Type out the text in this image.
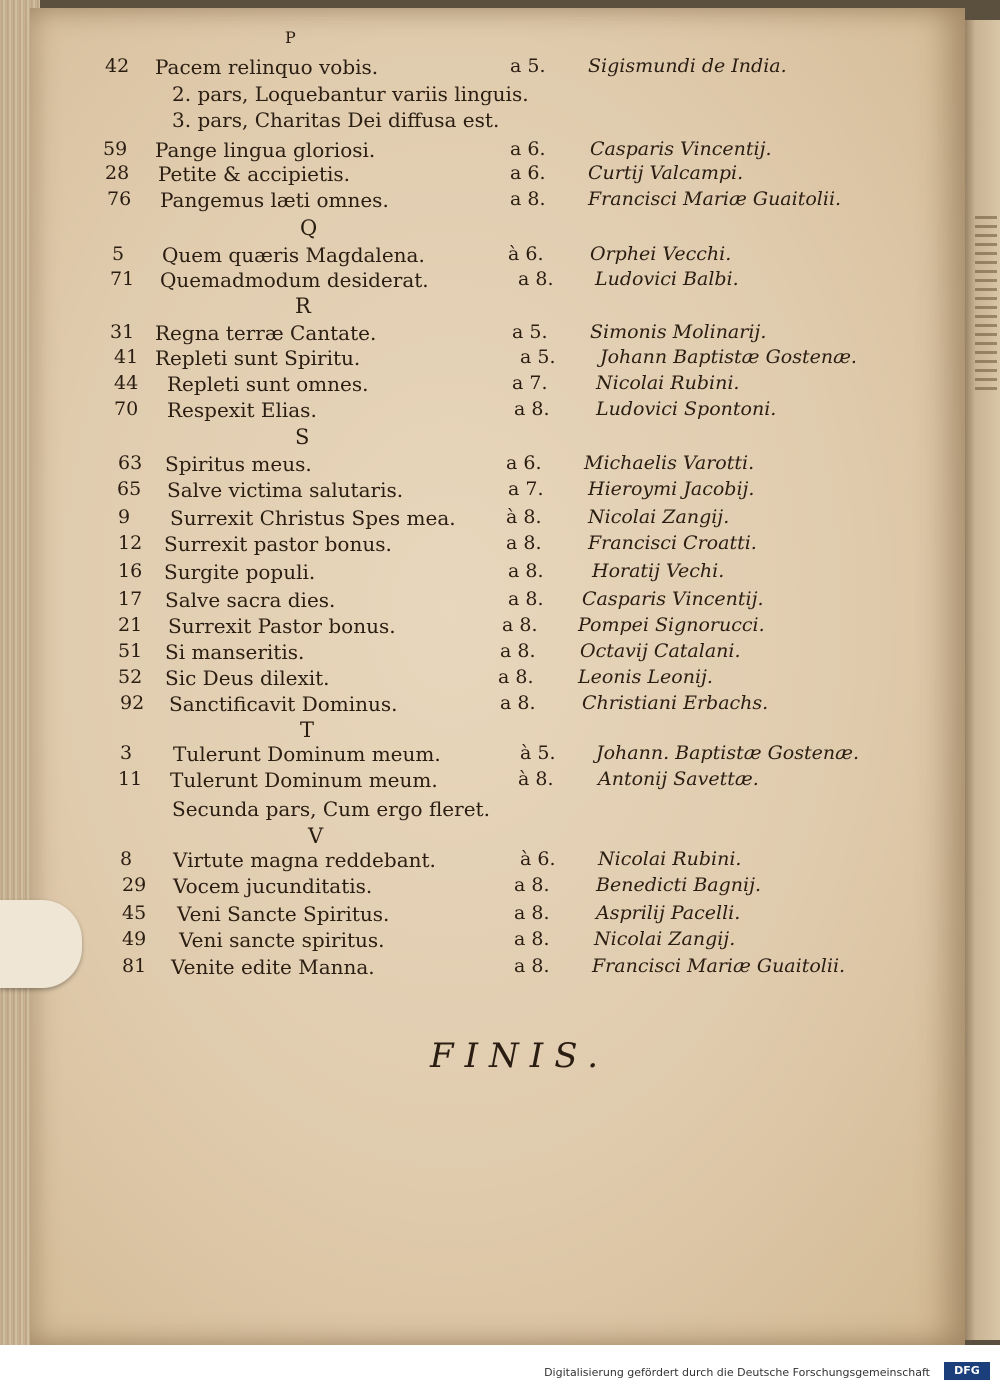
P
42 Pacem relinquo vobis.	a 5. Sigismundi de India.
2. pars, Loquebantur variis linguis.
3. pars, Charitas Dei diffusa est.
59 Pange lingua gloriosi.	a 6. Casparis Vincentij.
28 Petite & accipietis.	a 6. Curtij Valcampi.
76 Pangemus læti omnes.	a 8. Francisci Mariæ Guaitolii.
Q
5 Quem quæris Magdalena.	à 6. Orphei Vecchi.
71 Quemadmodum desiderat.	a 8. Ludovici Balbi.
R
31 Regna terræ Cantate.	a 5. Simonis Molinarij.
41 Repleti sunt Spiritu.	a 5. Johann Baptistæ Gostenæ.
44 Repleti sunt omnes.	a 7.	Nicolai Rubini.
70 Respexit Elias.	a 8. Ludovici Spontoni.
S
63 Spiritus meus.	a 6. Michaelis Varotti.
65 Salve victima salutaris.	a 7. Hieroymi Jacobij.
9 Surrexit Christus Spes mea.	à 8. Nicolai Zangij.
12 Surrexit pastor bonus.	a 8. Francisci Croatti.
16 Surgite populi.	a 8.	Horatij Vechi.
17 Salve sacra dies.	a 8. Casparis Vincentij.
21 Surrexit Pastor bonus.	a 8. Pompei Signorucci.
51 Si manseritis.	a 8. Octavij Catalani.
52 Sic Deus dilexit.	a 8. Leonis Leonij.
92 Sanctificavit Dominus.	a 8. Christiani Erbachs.
T
3 Tulerunt Dominum meum.	à 5. Johann. Baptistæ Gostenæ.
11 Tulerunt Dominum meum.	à 8. Antonij Savettæ.
Secunda pars, Cum ergo fleret.
V
8 Virtute magna reddebant.	à 6. Nicolai Rubini.
29 Vocem jucunditatis.	a 8. Benedicti Bagnij.
45 Veni Sancte Spiritus.	a 8. Asprilij Pacelli.
49 Veni sancte spiritus.	a 8. Nicolai Zangij.
81 Venite edite Manna.	a 8. Francisci Mariæ Guaitolii.
FINIS.
Digitalisierung gefördert durch die Deutsche Forschungsgemeinschaft	DFG
